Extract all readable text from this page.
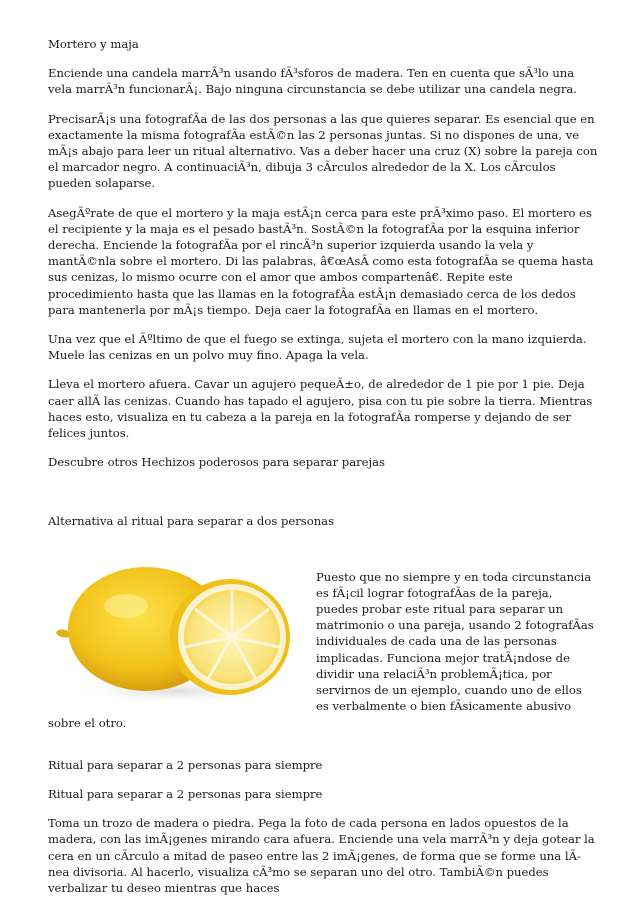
Mortero y maja

Enciende una candela marrÃ³n usando fÃ³sforos de madera. Ten en cuenta que sÃ³lo una vela marrÃ³n funcionarÃ¡. Bajo ninguna circunstancia se debe utilizar una candela negra.

PrecisarÃ¡s una fotografÃa de las dos personas a las que quieres separar. Es esencial que en exactamente la misma fotografÃa estÃ©n las 2 personas juntas. Si no dispones de una, ve mÃ¡s abajo para leer un ritual alternativo. Vas a deber hacer una cruz (X) sobre la pareja con el marcador negro. A continuaciÃ³n, dibuja 3 cÃrculos alrededor de la X. Los cÃrculos pueden solaparse.

AsegÃºrate de que el mortero y la maja estÃ¡n cerca para este prÃ³ximo paso. El mortero es el recipiente y la maja es el pesado bastÃ³n. SostÃ©n la fotografÃa por la esquina inferior derecha. Enciende la fotografÃa por el rincÃ³n superior izquierda usando la vela y mantÃ©nla sobre el mortero. Di las palabras, â€œAsÃ como esta fotografÃa se quema hasta sus cenizas, lo mismo ocurre con el amor que ambos compartenâ€. Repite este procedimiento hasta que las llamas en la fotografÃa estÃ¡n demasiado cerca de los dedos para mantenerla por mÃ¡s tiempo. Deja caer la fotografÃa en llamas en el mortero.

Una vez que el Ãºltimo de que el fuego se extinga, sujeta el mortero con la mano izquierda. Muele las cenizas en un polvo muy fino. Apaga la vela.

Lleva el mortero afuera. Cavar un agujero pequeÃ±o, de alrededor de 1 pie por 1 pie. Deja caer allÃ las cenizas. Cuando has tapado el agujero, pisa con tu pie sobre la tierra. Mientras haces esto, visualiza en tu cabeza a la pareja en la fotografÃa romperse y dejando de ser felices juntos.

Descubre otros Hechizos poderosos para separar parejas

Alternativa al ritual para separar a dos personas

Puesto que no siempre y en toda circunstancia es fÃ¡cil lograr fotografÃas de la pareja, puedes probar este ritual para separar un matrimonio o una pareja, usando 2 fotografÃas individuales de cada una de las personas implicadas. Funciona mejor tratÃ¡ndose de dividir una relaciÃ³n problemÃ¡tica, por servirnos de un ejemplo, cuando uno de ellos es verbalmente o bien fÃsicamente abusivo sobre el otro.

Ritual para separar a 2 personas para siempre

Ritual para separar a 2 personas para siempre

Toma un trozo de madera o piedra. Pega la foto de cada persona en lados opuestos de la madera, con las imÃ¡genes mirando cara afuera. Enciende una vela marrÃ³n y deja gotear la cera en un cÃrculo a mitad de paseo entre las 2 imÃ¡genes, de forma que se forme una lÃnea divisoria. Al hacerlo, visualiza cÃ³mo se separan uno del otro. TambiÃ©n puedes verbalizar tu deseo mientras que haces
